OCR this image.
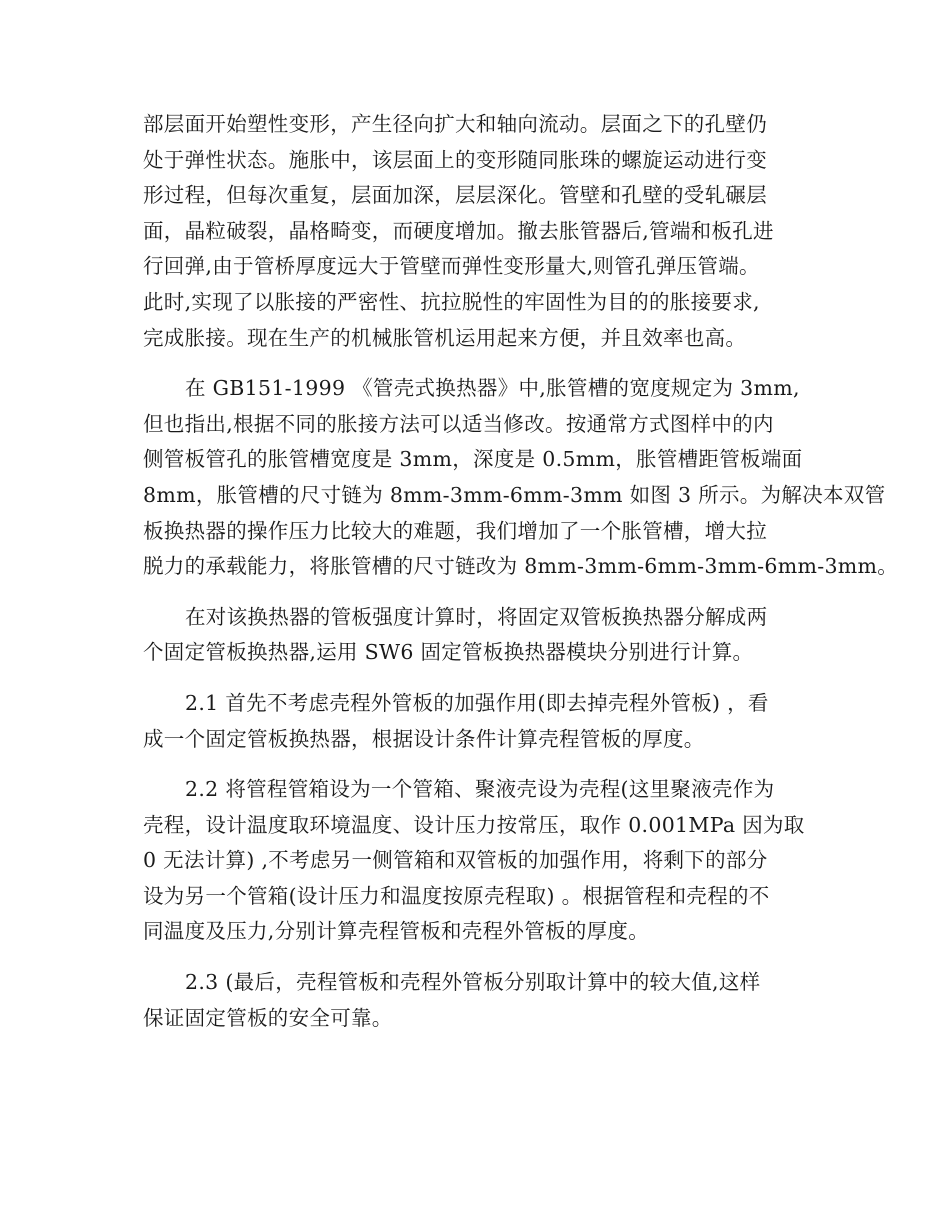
部层面开始塑性变形，产生径向扩大和轴向流动。层面之下的孔壁仍
处于弹性状态。施胀中，该层面上的变形随同胀珠的螺旋运动进行变
形过程，但每次重复，层面加深，层层深化。管壁和孔壁的受轧碾层
面，晶粒破裂，晶格畸变，而硬度增加。撤去胀管器后,管端和板孔进
行回弹,由于管桥厚度远大于管壁而弹性变形量大,则管孔弹压管端。
此时,实现了以胀接的严密性、抗拉脱性的牢固性为目的的胀接要求,
完成胀接。现在生产的机械胀管机运用起来方便，并且效率也高。

在 GB151-1999 《管壳式换热器》中,胀管槽的宽度规定为 3mm,
但也指出,根据不同的胀接方法可以适当修改。按通常方式图样中的内
侧管板管孔的胀管槽宽度是 3mm，深度是 0.5mm，胀管槽距管板端面
8mm，胀管槽的尺寸链为 8mm-3mm-6mm-3mm 如图 3 所示。为解决本双管
板换热器的操作压力比较大的难题，我们增加了一个胀管槽，增大拉
脱力的承载能力，将胀管槽的尺寸链改为 8mm-3mm-6mm-3mm-6mm-3mm。

在对该换热器的管板强度计算时，将固定双管板换热器分解成两
个固定管板换热器,运用 SW6 固定管板换热器模块分别进行计算。

2.1 首先不考虑壳程外管板的加强作用(即去掉壳程外管板) ，看
成一个固定管板换热器，根据设计条件计算壳程管板的厚度。

2.2 将管程管箱设为一个管箱、聚液壳设为壳程(这里聚液壳作为
壳程，设计温度取环境温度、设计压力按常压，取作 0.001MPa 因为取
0 无法计算) ,不考虑另一侧管箱和双管板的加强作用，将剩下的部分
设为另一个管箱(设计压力和温度按原壳程取) 。根据管程和壳程的不
同温度及压力,分别计算壳程管板和壳程外管板的厚度。

2.3 (最后，壳程管板和壳程外管板分别取计算中的较大值,这样
保证固定管板的安全可靠。
